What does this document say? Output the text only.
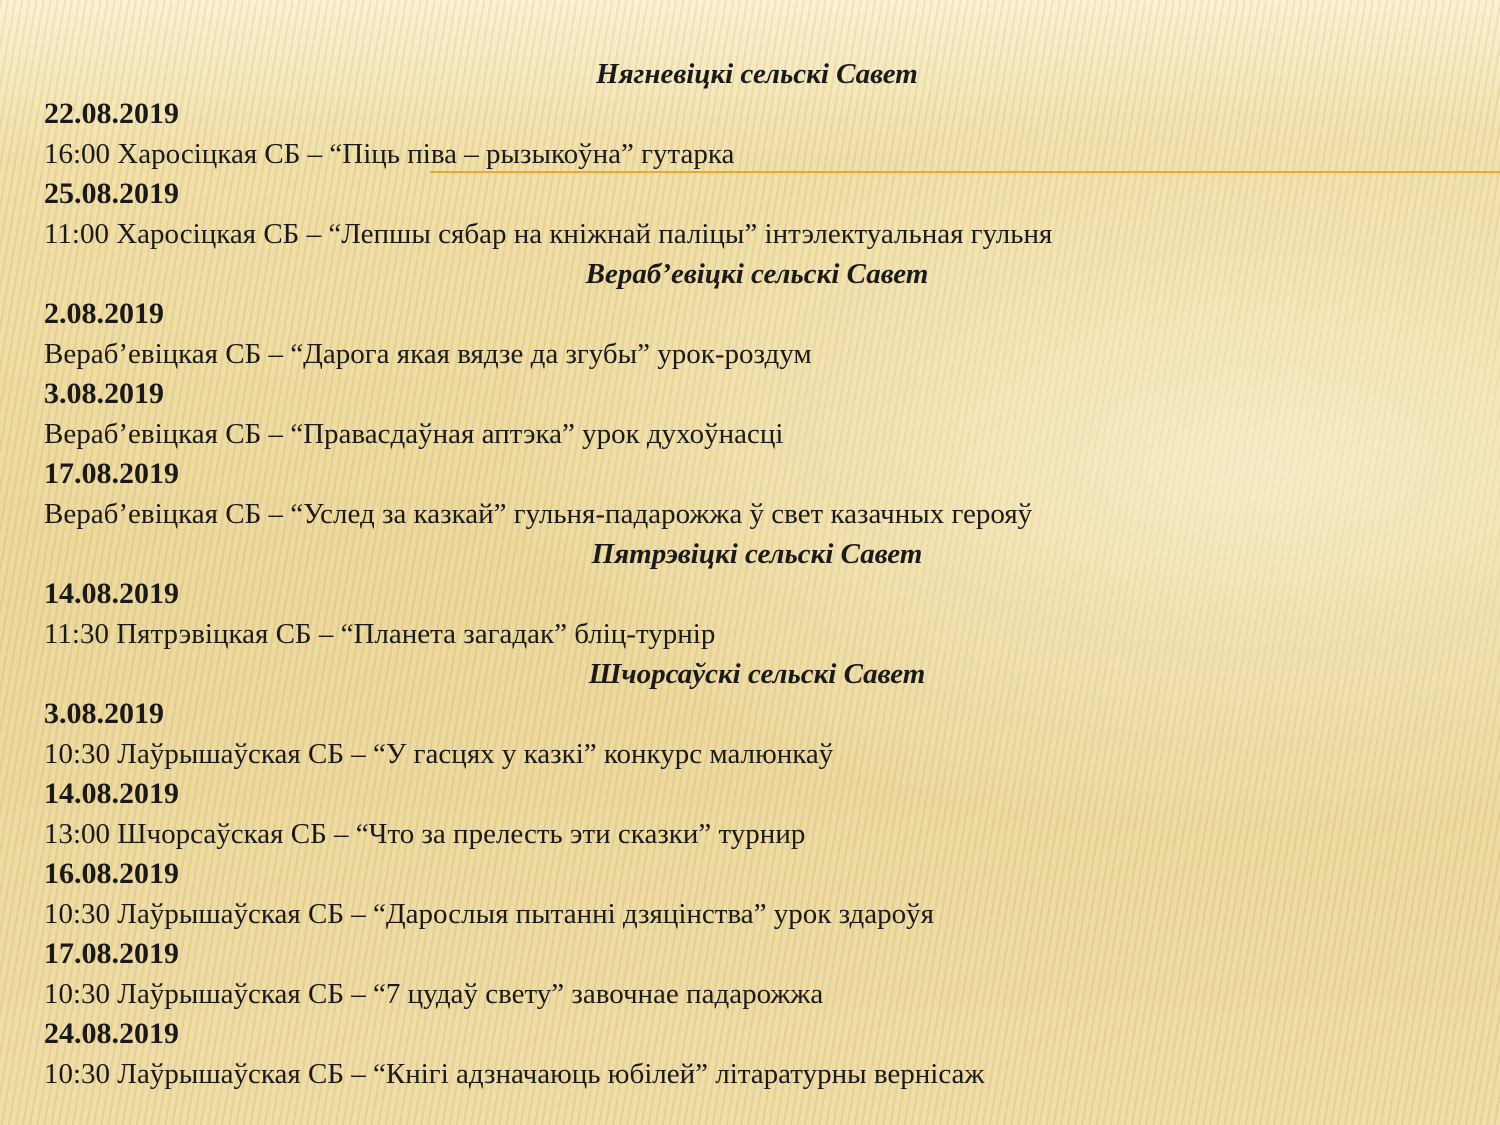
Нягневіцкі сельскі Савет
22.08.2019
16:00 Харосіцкая СБ – “Піць піва – рызыкоўна” гутарка
25.08.2019
11:00 Харосіцкая СБ – “Лепшы сябар на кніжнай паліцы” інтэлектуальная гульня
Вераб’евіцкі сельскі Савет
2.08.2019
Вераб’евіцкая СБ – “Дарога якая вядзе да згубы” урок-роздум
3.08.2019
Вераб’евіцкая СБ – “Правасдаўная аптэка” урок духоўнасці
17.08.2019
Вераб’евіцкая СБ – “Услед за казкай” гульня-падарожжа ў свет казачных герояў
Пятрэвіцкі сельскі Савет
14.08.2019
11:30 Пятрэвіцкая СБ – “Планета загадак” бліц-турнір
Шчорсаўскі сельскі Савет
3.08.2019
10:30 Лаўрышаўская СБ – “У гасцях у казкі” конкурс малюнкаў
14.08.2019
13:00 Шчорсаўская СБ – “Что за прелесть эти сказки” турнир
16.08.2019
10:30 Лаўрышаўская СБ – “Дарослыя пытанні дзяцінства” урок здароўя
17.08.2019
10:30 Лаўрышаўская СБ – “7 цудаў свету” завочнае падарожжа
24.08.2019
10:30 Лаўрышаўская СБ – “Кнігі адзначаюць юбілей” літаратурны вернісаж
